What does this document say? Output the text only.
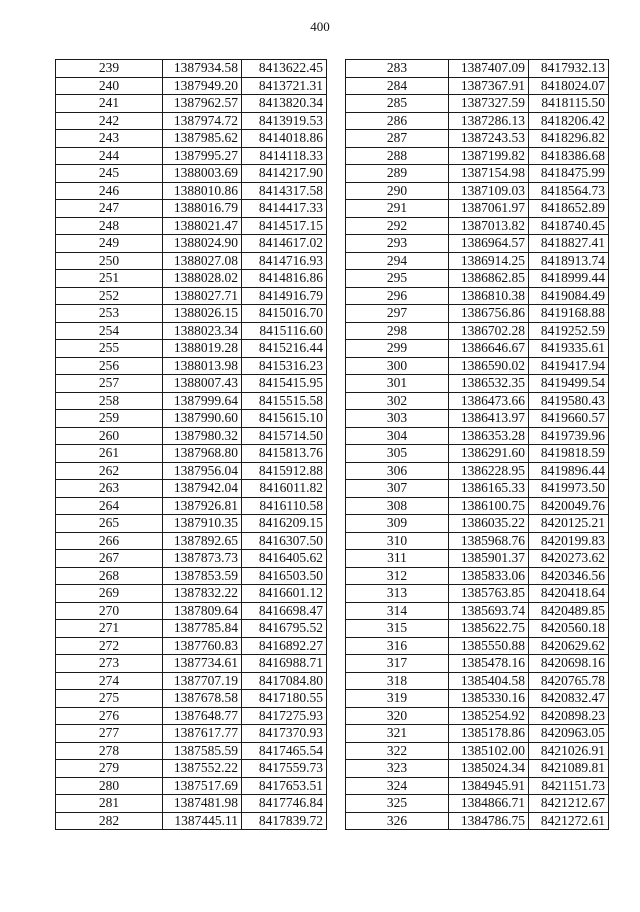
400
239	1387934.58	8413622.45
240	1387949.20	8413721.31
241	1387962.57	8413820.34
242	1387974.72	8413919.53
243	1387985.62	8414018.86
244	1387995.27	8414118.33
245	1388003.69	8414217.90
246	1388010.86	8414317.58
247	1388016.79	8414417.33
248	1388021.47	8414517.15
249	1388024.90	8414617.02
250	1388027.08	8414716.93
251	1388028.02	8414816.86
252	1388027.71	8414916.79
253	1388026.15	8415016.70
254	1388023.34	8415116.60
255	1388019.28	8415216.44
256	1388013.98	8415316.23
257	1388007.43	8415415.95
258	1387999.64	8415515.58
259	1387990.60	8415615.10
260	1387980.32	8415714.50
261	1387968.80	8415813.76
262	1387956.04	8415912.88
263	1387942.04	8416011.82
264	1387926.81	8416110.58
265	1387910.35	8416209.15
266	1387892.65	8416307.50
267	1387873.73	8416405.62
268	1387853.59	8416503.50
269	1387832.22	8416601.12
270	1387809.64	8416698.47
271	1387785.84	8416795.52
272	1387760.83	8416892.27
273	1387734.61	8416988.71
274	1387707.19	8417084.80
275	1387678.58	8417180.55
276	1387648.77	8417275.93
277	1387617.77	8417370.93
278	1387585.59	8417465.54
279	1387552.22	8417559.73
280	1387517.69	8417653.51
281	1387481.98	8417746.84
282	1387445.11	8417839.72
283	1387407.09	8417932.13
284	1387367.91	8418024.07
285	1387327.59	8418115.50
286	1387286.13	8418206.42
287	1387243.53	8418296.82
288	1387199.82	8418386.68
289	1387154.98	8418475.99
290	1387109.03	8418564.73
291	1387061.97	8418652.89
292	1387013.82	8418740.45
293	1386964.57	8418827.41
294	1386914.25	8418913.74
295	1386862.85	8418999.44
296	1386810.38	8419084.49
297	1386756.86	8419168.88
298	1386702.28	8419252.59
299	1386646.67	8419335.61
300	1386590.02	8419417.94
301	1386532.35	8419499.54
302	1386473.66	8419580.43
303	1386413.97	8419660.57
304	1386353.28	8419739.96
305	1386291.60	8419818.59
306	1386228.95	8419896.44
307	1386165.33	8419973.50
308	1386100.75	8420049.76
309	1386035.22	8420125.21
310	1385968.76	8420199.83
311	1385901.37	8420273.62
312	1385833.06	8420346.56
313	1385763.85	8420418.64
314	1385693.74	8420489.85
315	1385622.75	8420560.18
316	1385550.88	8420629.62
317	1385478.16	8420698.16
318	1385404.58	8420765.78
319	1385330.16	8420832.47
320	1385254.92	8420898.23
321	1385178.86	8420963.05
322	1385102.00	8421026.91
323	1385024.34	8421089.81
324	1384945.91	8421151.73
325	1384866.71	8421212.67
326	1384786.75	8421272.61
